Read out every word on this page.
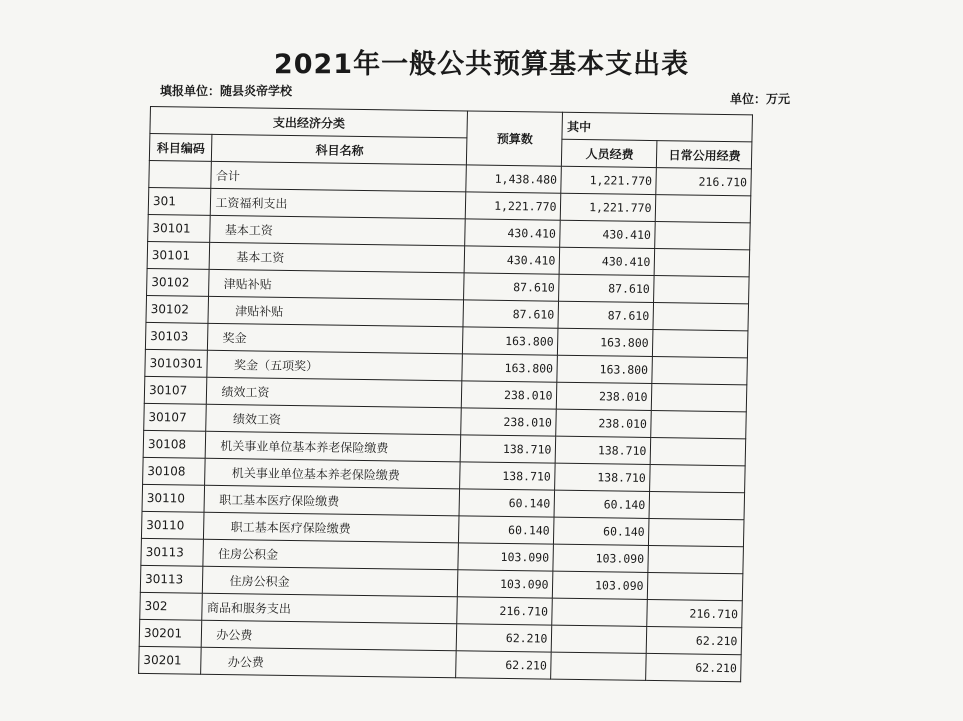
2021年一般公共预算基本支出表
填报单位：随县炎帝学校
单位：万元
支出经济分类		预算数	其中	
科目编码	科目名称		人员经费	日常公用经费
	合计	1,438.480	1,221.770	216.710
301	工资福利支出	1,221.770	1,221.770	
30101	基本工资	430.410	430.410	
30101	基本工资	430.410	430.410	
30102	津贴补贴	87.610	87.610	
30102	津贴补贴	87.610	87.610	
30103	奖金	163.800	163.800	
3010301	奖金（五项奖）	163.800	163.800	
30107	绩效工资	238.010	238.010	
30107	绩效工资	238.010	238.010	
30108	机关事业单位基本养老保险缴费	138.710	138.710	
30108	机关事业单位基本养老保险缴费	138.710	138.710	
30110	职工基本医疗保险缴费	60.140	60.140	
30110	职工基本医疗保险缴费	60.140	60.140	
30113	住房公积金	103.090	103.090	
30113	住房公积金	103.090	103.090	
302	商品和服务支出	216.710		216.710
30201	办公费	62.210		62.210
30201	办公费	62.210		62.210
